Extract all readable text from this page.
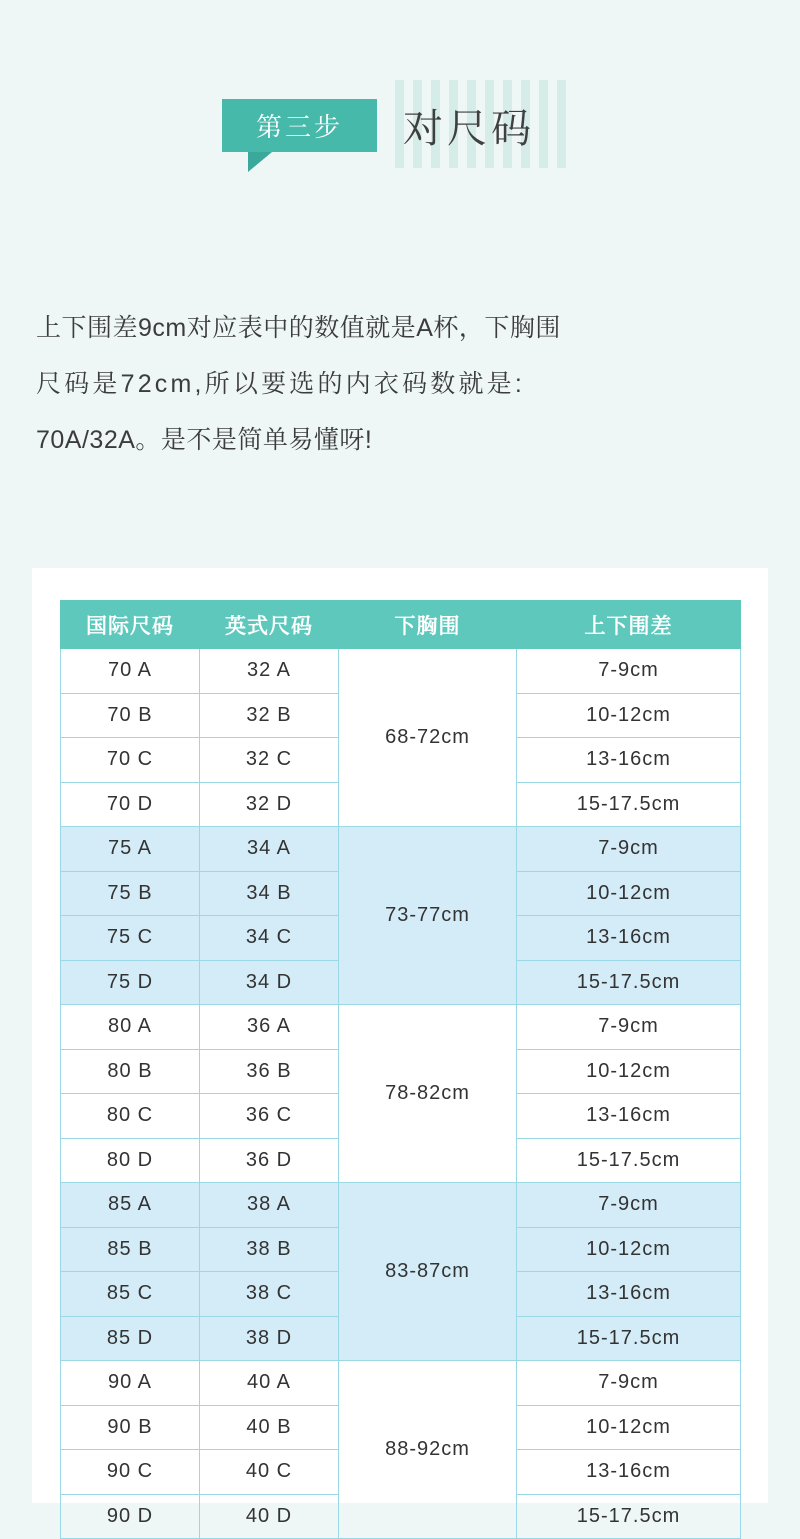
第三步 对尺码
上下围差9cm对应表中的数值就是A杯，下胸围
尺码是72cm,所以要选的内衣码数就是:
70A/32A。是不是简单易懂呀!
国际尺码	英式尺码	下胸围	上下围差
70 A	32 A	68-72cm	7-9cm
70 B	32 B		10-12cm
70 C	32 C		13-16cm
70 D	32 D		15-17.5cm
75 A	34 A	73-77cm	7-9cm
75 B	34 B		10-12cm
75 C	34 C		13-16cm
75 D	34 D		15-17.5cm
80 A	36 A	78-82cm	7-9cm
80 B	36 B		10-12cm
80 C	36 C		13-16cm
80 D	36 D		15-17.5cm
85 A	38 A	83-87cm	7-9cm
85 B	38 B		10-12cm
85 C	38 C		13-16cm
85 D	38 D		15-17.5cm
90 A	40 A	88-92cm	7-9cm
90 B	40 B		10-12cm
90 C	40 C		13-16cm
90 D	40 D		15-17.5cm
